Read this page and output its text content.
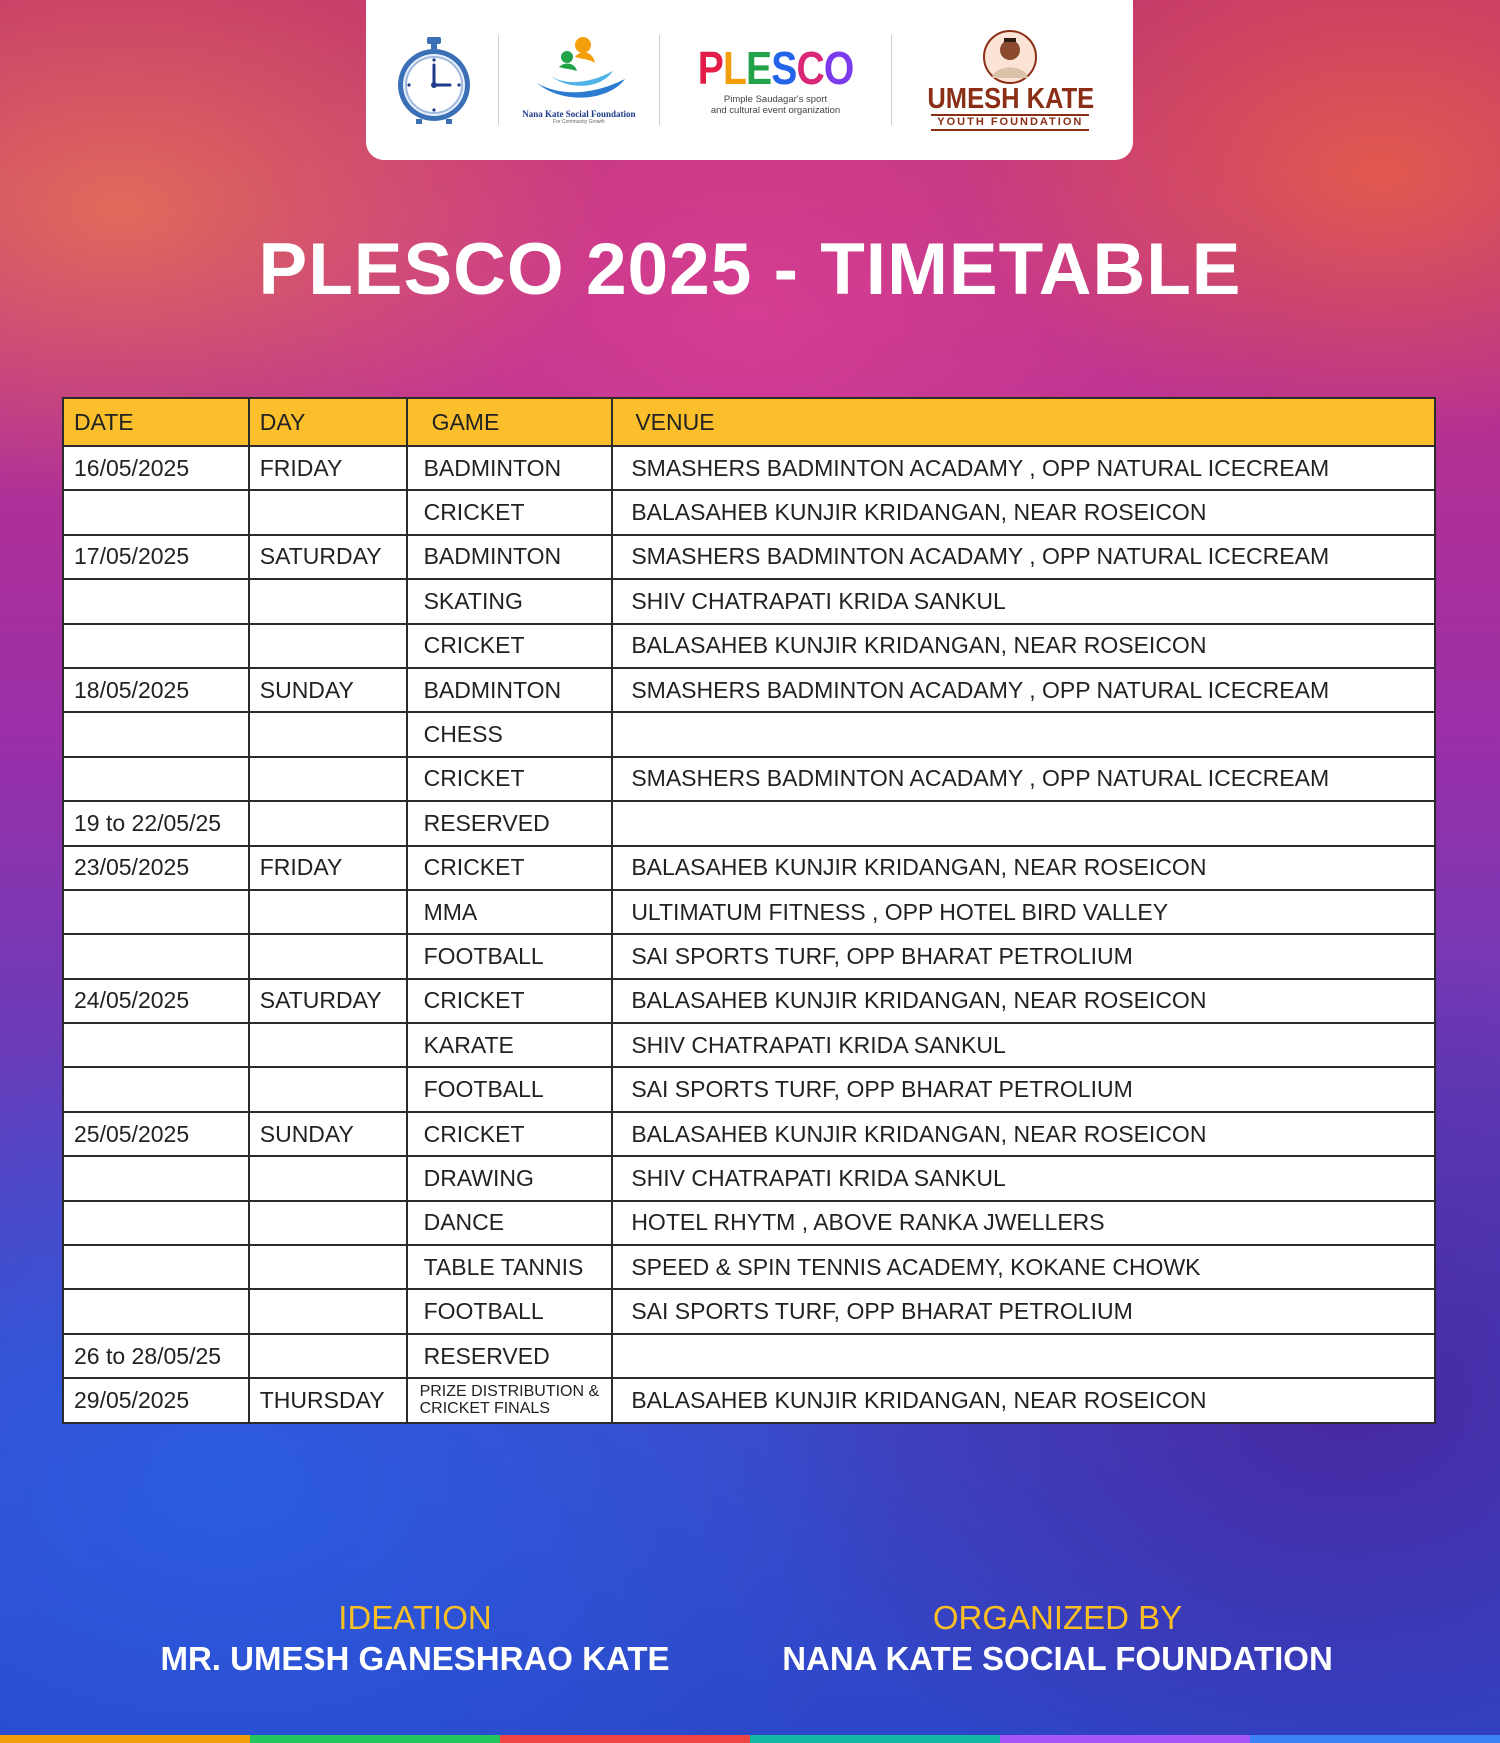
Nana Kate Social Foundation
For Community Growth
PLESCO
Pimple Saudagar's sport
and cultural event organization	UMESH KATE
YOUTH FOUNDATION
PLESCO 2025 - TIMETABLE
DATE	DAY	GAME	VENUE
16/05/2025	FRIDAY	BADMINTON	SMASHERS BADMINTON ACADAMY , OPP NATURAL ICECREAM
		CRICKET	BALASAHEB KUNJIR KRIDANGAN, NEAR ROSEICON
17/05/2025	SATURDAY	BADMINTON	SMASHERS BADMINTON ACADAMY , OPP NATURAL ICECREAM
		SKATING	SHIV CHATRAPATI KRIDA SANKUL
		CRICKET	BALASAHEB KUNJIR KRIDANGAN, NEAR ROSEICON
18/05/2025	SUNDAY	BADMINTON	SMASHERS BADMINTON ACADAMY , OPP NATURAL ICECREAM
		CHESS	
		CRICKET	SMASHERS BADMINTON ACADAMY , OPP NATURAL ICECREAM
19 to 22/05/25		RESERVED	
23/05/2025	FRIDAY	CRICKET	BALASAHEB KUNJIR KRIDANGAN, NEAR ROSEICON
		MMA	ULTIMATUM FITNESS , OPP HOTEL BIRD VALLEY
		FOOTBALL	SAI SPORTS TURF, OPP BHARAT PETROLIUM
24/05/2025	SATURDAY	CRICKET	BALASAHEB KUNJIR KRIDANGAN, NEAR ROSEICON
		KARATE	SHIV CHATRAPATI KRIDA SANKUL
		FOOTBALL	SAI SPORTS TURF, OPP BHARAT PETROLIUM
25/05/2025	SUNDAY	CRICKET	BALASAHEB KUNJIR KRIDANGAN, NEAR ROSEICON
		DRAWING	SHIV CHATRAPATI KRIDA SANKUL
		DANCE	HOTEL RHYTM , ABOVE RANKA JWELLERS
		TABLE TANNIS	SPEED & SPIN TENNIS ACADEMY, KOKANE CHOWK
		FOOTBALL	SAI SPORTS TURF, OPP BHARAT PETROLIUM
26 to 28/05/25		RESERVED	
29/05/2025	THURSDAY	PRIZE DISTRIBUTION & CRICKET FINALS	BALASAHEB KUNJIR KRIDANGAN, NEAR ROSEICON
IDEATION
MR. UMESH GANESHRAO KATE
ORGANIZED BY
NANA KATE SOCIAL FOUNDATION
